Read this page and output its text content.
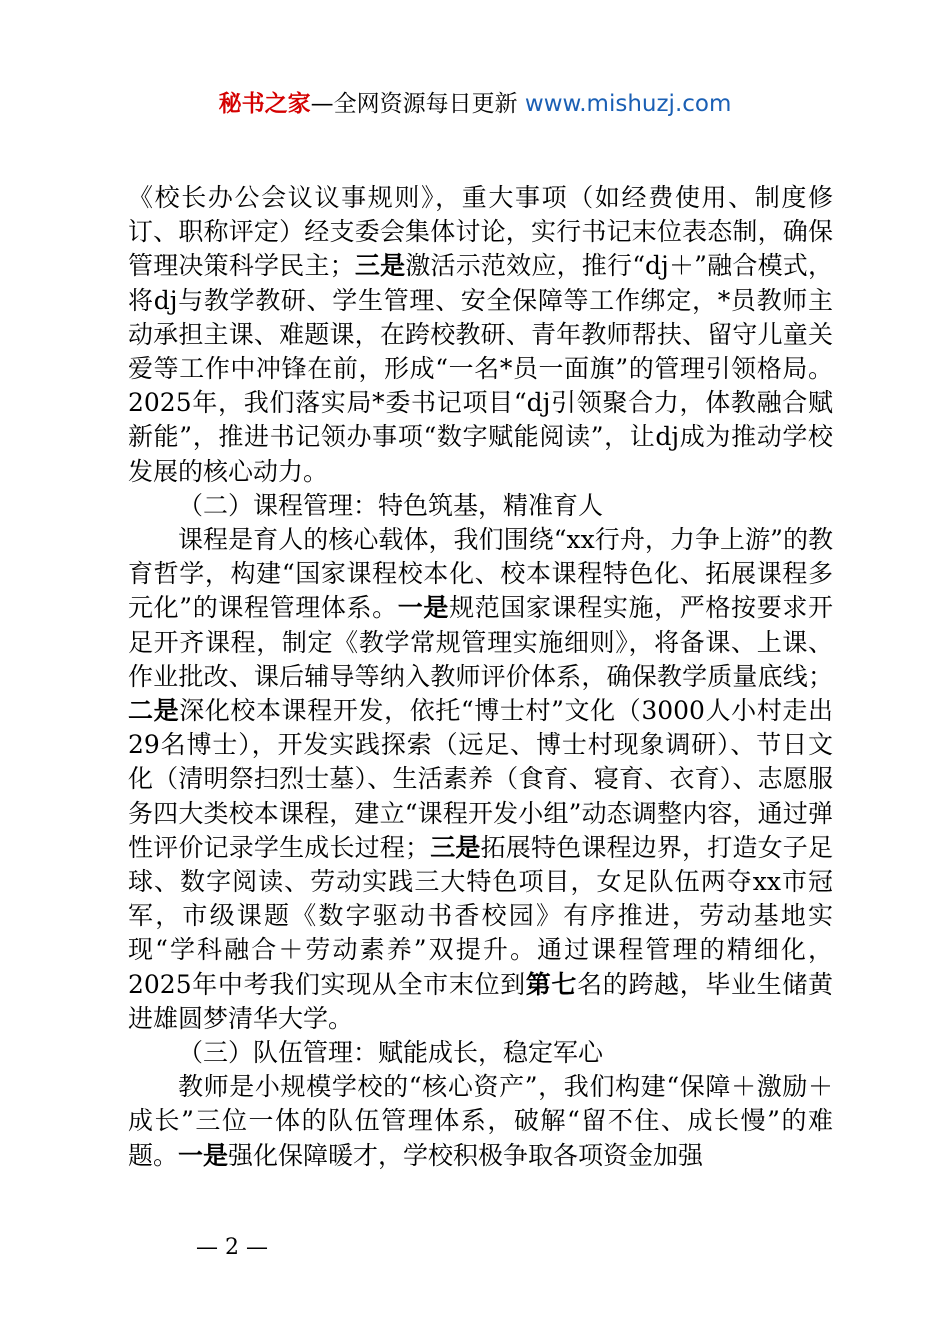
秘书之家—全网资源每日更新 www.mishuzj.com

《校长办公会议议事规则》，重大事项（如经费使用、制度修订、职称评定）经支委会集体讨论，实行书记末位表态制，确保管理决策科学民主；三是激活示范效应，推行“dj＋”融合模式，将dj与教学教研、学生管理、安全保障等工作绑定，*员教师主动承担主课、难题课，在跨校教研、青年教师帮扶、留守儿童关爱等工作中冲锋在前，形成“一名*员一面旗”的管理引领格局。2025年，我们落实局*委书记项目“dj引领聚合力，体教融合赋新能”，推进书记领办事项“数字赋能阅读”，让dj成为推动学校发展的核心动力。

（二）课程管理：特色筑基，精准育人

课程是育人的核心载体，我们围绕“xx行舟，力争上游”的教育哲学，构建“国家课程校本化、校本课程特色化、拓展课程多元化”的课程管理体系。一是规范国家课程实施，严格按要求开足开齐课程，制定《教学常规管理实施细则》，将备课、上课、作业批改、课后辅导等纳入教师评价体系，确保教学质量底线；二是深化校本课程开发，依托“博士村”文化（3000人小村走出29名博士），开发实践探索（远足、博士村现象调研）、节日文化（清明祭扫烈士墓）、生活素养（食育、寝育、衣育）、志愿服务四大类校本课程，建立“课程开发小组”动态调整内容，通过弹性评价记录学生成长过程；三是拓展特色课程边界，打造女子足球、数字阅读、劳动实践三大特色项目，女足队伍两夺xx市冠军，市级课题《数字驱动书香校园》有序推进，劳动基地实现“学科融合＋劳动素养”双提升。通过课程管理的精细化，2025年中考我们实现从全市末位到第七名的跨越，毕业生储黄进雄圆梦清华大学。

（三）队伍管理：赋能成长，稳定军心

教师是小规模学校的“核心资产”，我们构建“保障＋激励＋成长”三位一体的队伍管理体系，破解“留不住、成长慢”的难题。一是强化保障暖才，学校积极争取各项资金加强

— 2 —
